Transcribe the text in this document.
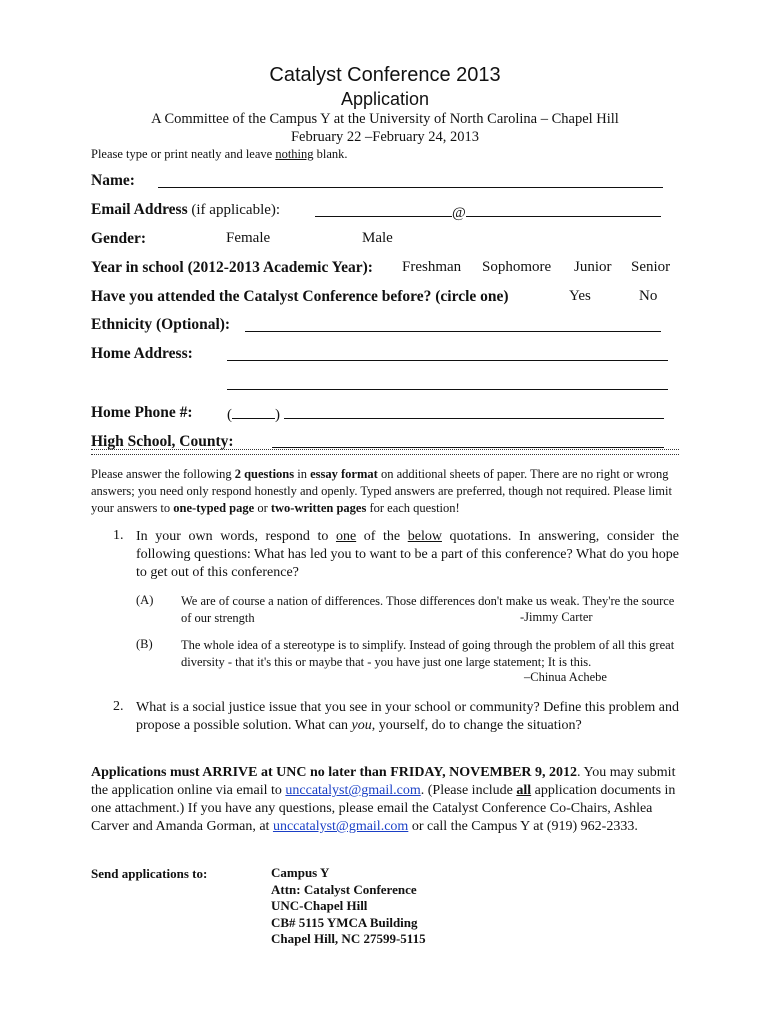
Catalyst Conference 2013
Application
A Committee of the Campus Y at the University of North Carolina – Chapel Hill
February 22 –February 24, 2013
Please type or print neatly and leave nothing blank.
Name:
Email Address (if applicable):	@
Gender:	Female	Male
Year in school (2012-2013 Academic Year): Freshman Sophomore Junior Senior
Have you attended the Catalyst Conference before? (circle one)	Yes	No
Ethnicity (Optional):
Home Address:
Home Phone #: (	)
High School, County:
Please answer the following 2 questions in essay format on additional sheets of paper. There are no right or wrong answers; you need only respond honestly and openly. Typed answers are preferred, though not required. Please limit your answers to one-typed page or two-written pages for each question!
1. In your own words, respond to one of the below quotations. In answering, consider the following questions: What has led you to want to be a part of this conference? What do you hope to get out of this conference?
(A) We are of course a nation of differences. Those differences don't make us weak. They're the source of our strength	-Jimmy Carter
(B) The whole idea of a stereotype is to simplify. Instead of going through the problem of all this great diversity - that it's this or maybe that - you have just one large statement; It is this.
–Chinua Achebe
2. What is a social justice issue that you see in your school or community? Define this problem and propose a possible solution. What can you, yourself, do to change the situation?
Applications must ARRIVE at UNC no later than FRIDAY, NOVEMBER 9, 2012. You may submit the application online via email to unccatalyst@gmail.com. (Please include all application documents in one attachment.) If you have any questions, please email the Catalyst Conference Co-Chairs, Ashlea Carver and Amanda Gorman, at unccatalyst@gmail.com or call the Campus Y at (919) 962-2333.
Send applications to:	Campus Y
Attn: Catalyst Conference
UNC-Chapel Hill
CB# 5115 YMCA Building
Chapel Hill, NC 27599-5115
